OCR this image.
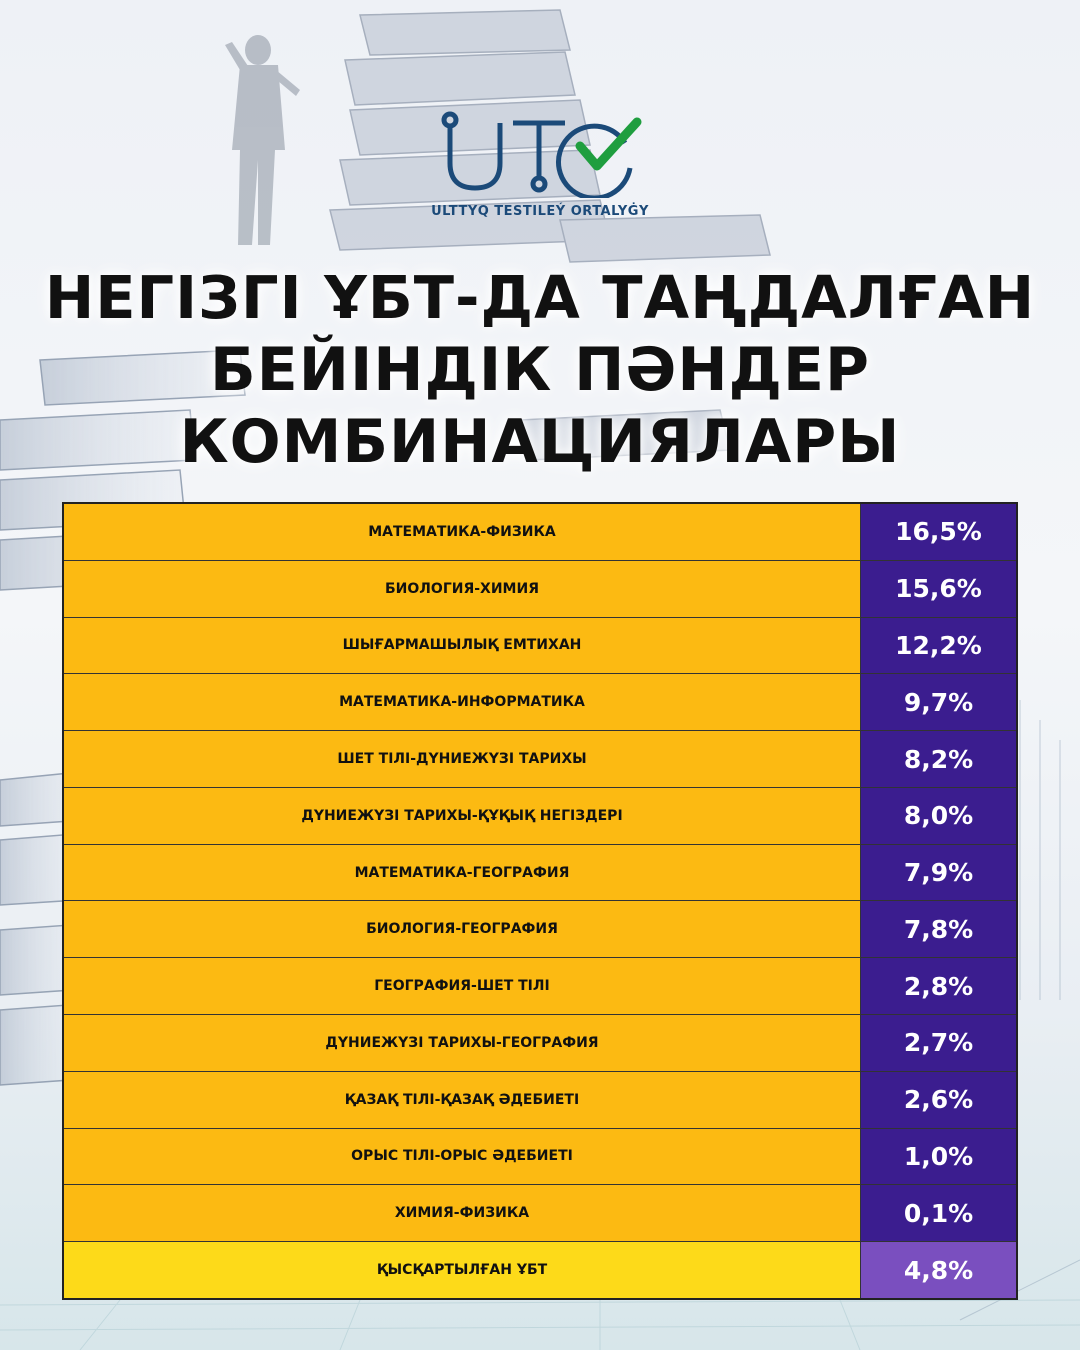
ULTTYQ TESTILEÝ ORTALYĠY
НЕГІЗГІ ҰБТ-ДА ТАҢДАЛҒАН
БЕЙІНДІК ПӘНДЕР
КОМБИНАЦИЯЛАРЫ
МАТЕМАТИКА-ФИЗИКА	16,5%
БИОЛОГИЯ-ХИМИЯ	15,6%
ШЫҒАРМАШЫЛЫҚ ЕМТИХАН	12,2%
МАТЕМАТИКА-ИНФОРМАТИКА	9,7%
ШЕТ ТІЛІ-ДҮНИЕЖҮЗІ ТАРИХЫ	8,2%
ДҮНИЕЖҮЗІ ТАРИХЫ-ҚҰҚЫҚ НЕГІЗДЕРІ	8,0%
МАТЕМАТИКА-ГЕОГРАФИЯ	7,9%
БИОЛОГИЯ-ГЕОГРАФИЯ	7,8%
ГЕОГРАФИЯ-ШЕТ ТІЛІ	2,8%
ДҮНИЕЖҮЗІ ТАРИХЫ-ГЕОГРАФИЯ	2,7%
ҚАЗАҚ ТІЛІ-ҚАЗАҚ ӘДЕБИЕТІ	2,6%
ОРЫС ТІЛІ-ОРЫС ӘДЕБИЕТІ	1,0%
ХИМИЯ-ФИЗИКА	0,1%
ҚЫСҚАРТЫЛҒАН ҰБТ	4,8%
